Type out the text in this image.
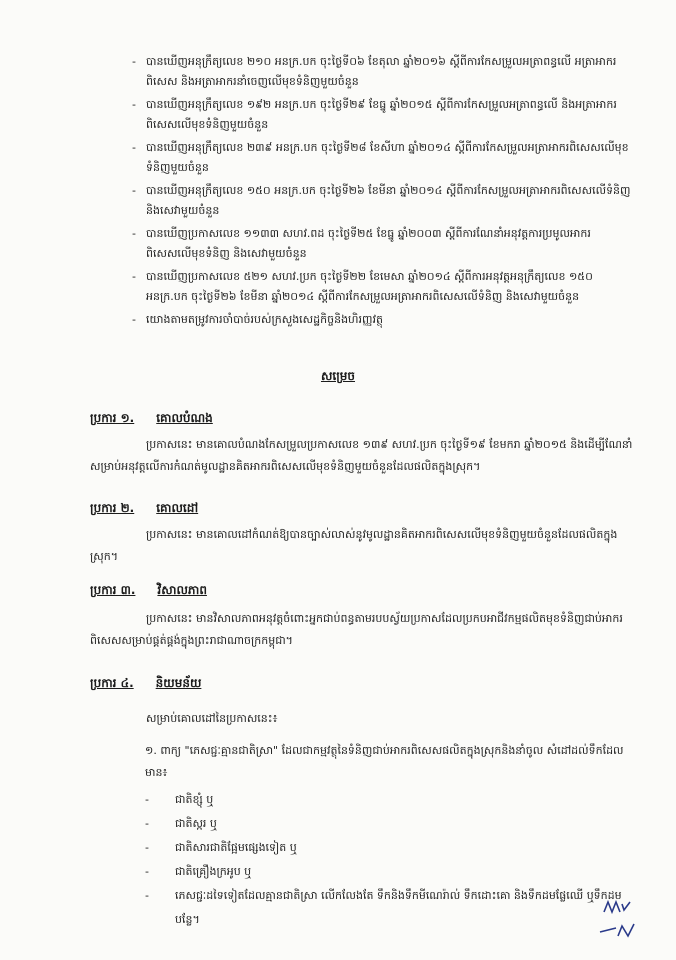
- បានឃើញអនុក្រឹត្យលេខ ២១០ អនក្រ.បក ចុះថ្ងៃទី០៦ ខែតុលា ឆ្នាំ២០១៦ ស្តីពីការកែសម្រួលអត្រាពន្ធលើ អត្រាអាករពិសេស និងអត្រាអាករនាំចេញលើមុខទំនិញមួយចំនួន
- បានឃើញអនុក្រឹត្យលេខ ១៩២ អនក្រ.បក ចុះថ្ងៃទី២៩ ខែធ្នូ ឆ្នាំ២០១៥ ស្តីពីការកែសម្រួលអត្រាពន្ធលើ និងអត្រាអាករពិសេសលើមុខទំនិញមួយចំនួន
- បានឃើញអនុក្រឹត្យលេខ ២៣៩ អនក្រ.បក ចុះថ្ងៃទី២៨ ខែសីហា ឆ្នាំ២០១៤ ស្តីពីការកែសម្រួលអត្រាអាករពិសេសលើមុខទំនិញមួយចំនួន
- បានឃើញអនុក្រឹត្យលេខ ១៥០ អនក្រ.បក ចុះថ្ងៃទី២៦ ខែមីនា ឆ្នាំ២០១៤ ស្តីពីការកែសម្រួលអត្រាអាករពិសេសលើទំនិញ និងសេវាមួយចំនួន
- បានឃើញប្រកាសលេខ ១១៣៣ សហវ.ពដ ចុះថ្ងៃទី២៥ ខែធ្នូ ឆ្នាំ២០០៣ ស្តីពីការណែនាំអនុវត្តការប្រមូលអាករពិសេសលើមុខទំនិញ និងសេវាមួយចំនួន
- បានឃើញប្រកាសលេខ ៥២១ សហវ.ប្រក ចុះថ្ងៃទី២២ ខែមេសា ឆ្នាំ២០១៤ ស្តីពីការអនុវត្តអនុក្រឹត្យលេខ ១៥០ អនក្រ.បក ចុះថ្ងៃទី២៦ ខែមីនា ឆ្នាំ២០១៤ ស្តីពីការកែសម្រួលអត្រាអាករពិសេសលើទំនិញ និងសេវាមួយចំនួន
- យោងតាមតម្រូវការចាំបាច់របស់ក្រសួងសេដ្ឋកិច្ចនិងហិរញ្ញវត្ថុ
សម្រេច
ប្រការ ១. គោលបំណង
ប្រកាសនេះ មានគោលបំណងកែសម្រួលប្រកាសលេខ ១៣៩ សហវ.ប្រក ចុះថ្ងៃទី១៩ ខែមករា ឆ្នាំ២០១៥ និងដើម្បីណែនាំសម្រាប់អនុវត្តលើការកំណត់មូលដ្ឋានគិតអាករពិសេសលើមុខទំនិញមួយចំនួនដែលផលិតក្នុងស្រុក។
ប្រការ ២. គោលដៅ
ប្រកាសនេះ មានគោលដៅកំណត់ឱ្យបានច្បាស់លាស់នូវមូលដ្ឋានគិតអាករពិសេសលើមុខទំនិញមួយចំនួនដែលផលិតក្នុងស្រុក។
ប្រការ ៣. វិសាលភាព
ប្រកាសនេះ មានវិសាលភាពអនុវត្តចំពោះអ្នកជាប់ពន្ធតាមរបបស្វ័យប្រកាសដែលប្រកបអាជីវកម្មផលិតមុខទំនិញជាប់អាករពិសេសសម្រាប់ផ្គត់ផ្គង់ក្នុងព្រះរាជាណាចក្រកម្ពុជា។
ប្រការ ៤. និយមន័យ
សម្រាប់គោលដៅនៃប្រកាសនេះ៖
១. ពាក្យ "ភេសជ្ជៈគ្មានជាតិស្រា" ដែលជាកម្មវត្ថុនៃទំនិញជាប់អាករពិសេសផលិតក្នុងស្រុកនិងនាំចូល សំដៅដល់ទឹកដែលមាន៖
-	ជាតិខ្សុំ ឬ
-	ជាតិស្ករ ឬ
-	ជាតិសារជាតិផ្អែមផ្សេងទៀត ឬ
-	ជាតិគ្រឿងក្រអូប ឬ
-	ភេសជ្ជៈដទៃទៀតដែលគ្មានជាតិស្រា លើកលែងតែ ទឹកនិងទឹកមីណេរ៉ាល់ ទឹកដោះគោ និងទឹកដមផ្លែឈើ ឬទឹកដមបន្លែ។
